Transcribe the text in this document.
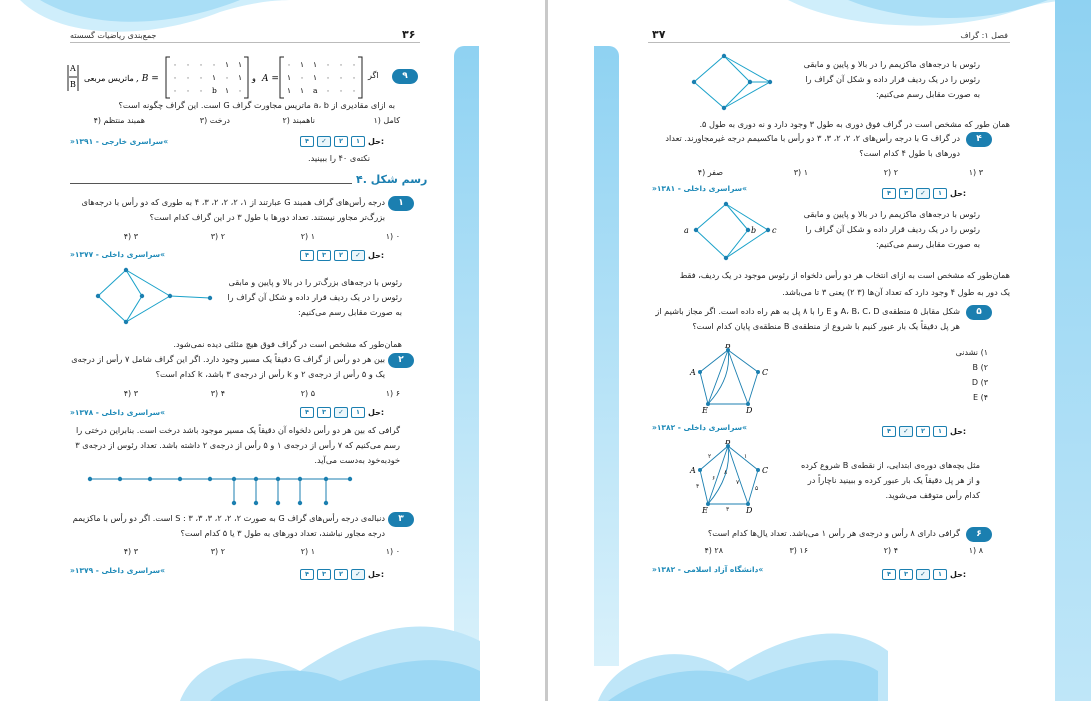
جمع‌بندی ریاضیات گسسته	۳۶
۹
اگر
A
B
ماتریس مربعی , B =
۰ ۰ ۰ ۰ ۱ ۱
۰ ۰ ۰ ۱ ۰ ۱
۰ ۰ ۰ b ۱ ۰
و A =
۰ ۱ ۱ ۰ ۰ ۰
۱ ۰ ۱ ۰ ۰ ۰
۱ ۱ a ۰ ۰ ۰
به ازای مقادیری از a، b ماتریس مجاورت گراف G است. این گراف چگونه است؟
۱) کامل
۲) ناهمبند
۳) درخت
۴) همبند منتظم
»سراسری خارجی - ۱۳۹۱«	حل:
۱
۲
✓
۴
نکته‌ی ۴۰ را ببینید.
۴. رسم شکل
۱
درجه رأس‌های گراف همبند G عبارتند از ۱، ۲، ۲، ۲، ۳، ۴ به طوری که دو رأس با درجه‌های بزرگ‌تر مجاور نیستند. تعداد دورها با طول ۳ در این گراف کدام است؟
۱) ۰
۲) ۱
۳) ۲
۴) ۳
»سراسری داخلی - ۱۳۷۷«	حل:
✓
۲
۳
۴
رئوس با درجه‌های بزرگ‌تر را در بالا و پایین و مابقی رئوس را در یک ردیف قرار داده و شکل آن گراف را به صورت مقابل رسم می‌کنیم:
همان‌طور که مشخص است در گراف فوق هیچ مثلثی دیده نمی‌شود.
۲
بین هر دو رأس از گراف G دقیقاً یک مسیر وجود دارد. اگر این گراف شامل ۷ رأس از درجه‌ی یک و ۵ رأس از درجه‌ی ۲ و k رأس از درجه‌ی ۳ باشد، k کدام است؟
۱) ۶
۲) ۵
۳) ۴
۴) ۳
»سراسری داخلی - ۱۳۷۸«	حل:
۱
✓
۳
۴
گرافی که بین هر دو رأس دلخواه آن دقیقاً یک مسیر موجود باشد درخت است. بنابراین درختی را رسم می‌کنیم که ۷ رأس از درجه‌ی ۱ و ۵ رأس از درجه‌ی ۲ داشته باشد. تعداد رئوس از درجه‌ی ۳ خودبه‌خود به‌دست می‌آید.
۳
دنباله‌ی درجه رأس‌های گراف G به صورت ۲، ۲، ۲، ۳، ۳، ۳ : S است. اگر دو رأس با ماکزیمم درجه مجاور نباشند، تعداد دورهای به طول ۳ یا ۵ کدام است؟
۱) ۰
۲) ۱
۳) ۲
۴) ۳
»سراسری داخلی - ۱۳۷۹«	حل:
✓
۲
۳
۴
۳۷	فصل ۱: گراف
رئوس با درجه‌های ماکزیمم را در بالا و پایین و مابقی رئوس را در یک ردیف قرار داده و شکل آن گراف را به صورت مقابل رسم می‌کنیم:
همان طور که مشخص است در گراف فوق دوری به طول ۳ وجود دارد و نه دوری به طول ۵.
۴
در گراف G با درجه رأس‌های ۲، ۲، ۲، ۳، ۳ دو رأس با ماکسیمم درجه غیرمجاورند. تعداد دورهای با طول ۴ کدام است؟
۱) ۳
۲) ۲
۳) ۱
۴) صفر
»سراسری داخلی - ۱۳۸۱«
حل:
۱
✓
۳
۴
a	b c
رئوس با درجه‌های ماکزیمم را در بالا و پایین و مابقی رئوس را در یک ردیف قرار داده و شکل آن گراف را به صورت مقابل رسم می‌کنیم:
همان‌طور که مشخص است به ازای انتخاب هر دو رأس دلخواه از رئوس موجود در یک ردیف، فقط
یک دور به طول ۴ وجود دارد که تعداد آن‌ها (۳ ۲) یعنی ۳ تا می‌باشد.
۵
شکل مقابل ۵ منطقه‌ی A، B، C، D و E را با ۸ پل به هم راه داده است. اگر مجاز باشیم از هر پل دقیقاً یک بار عبور کنیم با شروع از منطقه‌ی B منطقه‌ی پایان کدام است؟
A
B
C
D
E
۱) نشدنی
۲) B
۳) D
۴) E
»سراسری داخلی - ۱۳۸۲«	حل:
۱
۲
✓
۴
A
B
C
D
E
۱
۲
۳
۴	۵
۶
۷
۸
مثل بچه‌های دوره‌ی ابتدایی، از نقطه‌ی B شروع کرده و از هر پل دقیقاً یک بار عبور کرده و ببینید ناچاراً در کدام رأس متوقف می‌شوید.
۶
گرافی دارای ۸ رأس و درجه‌ی هر رأس ۱ می‌باشد. تعداد یال‌ها کدام است؟
۱) ۸
۲) ۴
۳) ۱۶
۴) ۲۸
»دانشگاه آزاد اسلامی - ۱۳۸۲«
حل:
۱
✓
۳
۴
